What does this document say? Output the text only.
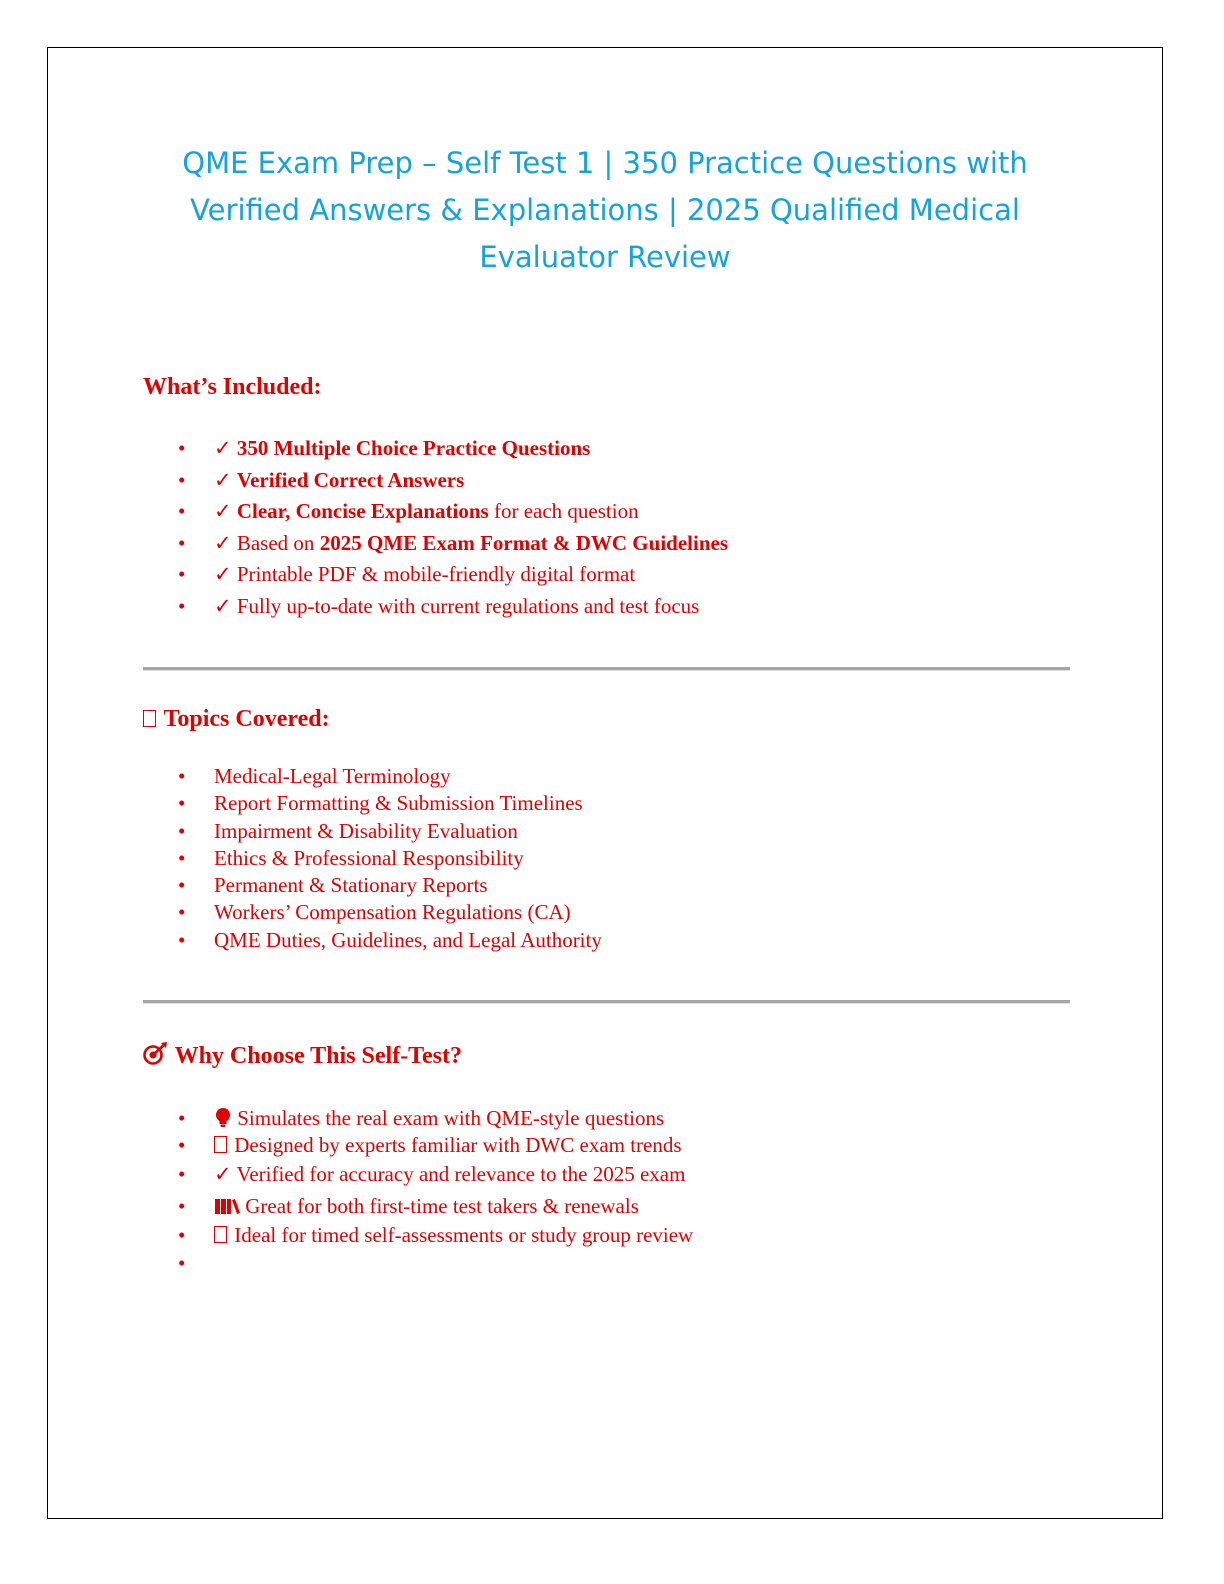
QME Exam Prep – Self Test 1 | 350 Practice Questions with Verified Answers & Explanations | 2025 Qualified Medical Evaluator Review
What’s Included:
• ✓ 350 Multiple Choice Practice Questions
• ✓ Verified Correct Answers
• ✓ Clear, Concise Explanations for each question
• ✓ Based on 2025 QME Exam Format & DWC Guidelines
• ✓ Printable PDF & mobile-friendly digital format
• ✓ Fully up-to-date with current regulations and test focus
Topics Covered:
• Medical-Legal Terminology
• Report Formatting & Submission Timelines
• Impairment & Disability Evaluation
• Ethics & Professional Responsibility
• Permanent & Stationary Reports
• Workers’ Compensation Regulations (CA)
• QME Duties, Guidelines, and Legal Authority
Why Choose This Self-Test?
• Simulates the real exam with QME-style questions
• Designed by experts familiar with DWC exam trends
• ✓ Verified for accuracy and relevance to the 2025 exam
•	Great for both first-time test takers & renewals
• Ideal for timed self-assessments or study group review
•
